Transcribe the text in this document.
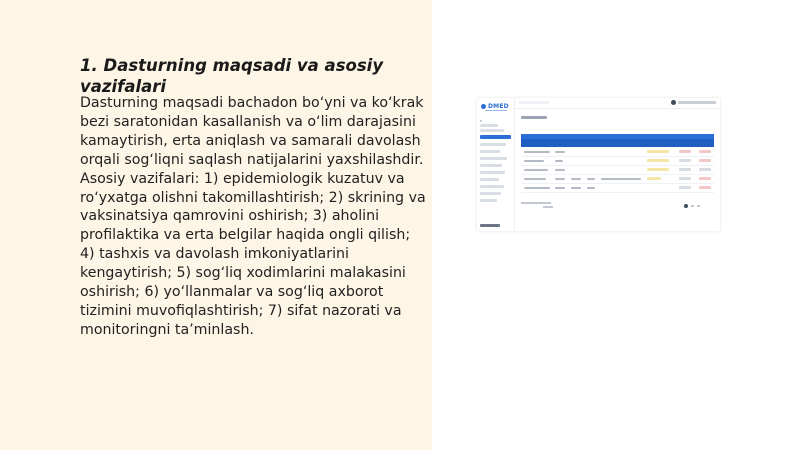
1. Dasturning maqsadi va asosiy vazifalari

Dasturning maqsadi bachadon bo‘yni va ko‘krak bezi saratonidan kasallanish va o‘lim darajasini kamaytirish, erta aniqlash va samarali davolash orqali sog‘liqni saqlash natijalarini yaxshilashdir. Asosiy vazifalari: 1) epidemiologik kuzatuv va ro‘yxatga olishni takomillashtirish; 2) skrining va vaksinatsiya qamrovini oshirish; 3) aholini profilaktika va erta belgilar haqida ongli qilish; 4) tashxis va davolash imkoniyatlarini kengaytirish; 5) sog‘liq xodimlarini malakasini oshirish; 6) yo‘llanmalar va sog‘liq axborot tizimini muvofiqlashtirish; 7) sifat nazorati va monitoringni ta’minlash.

DMED
